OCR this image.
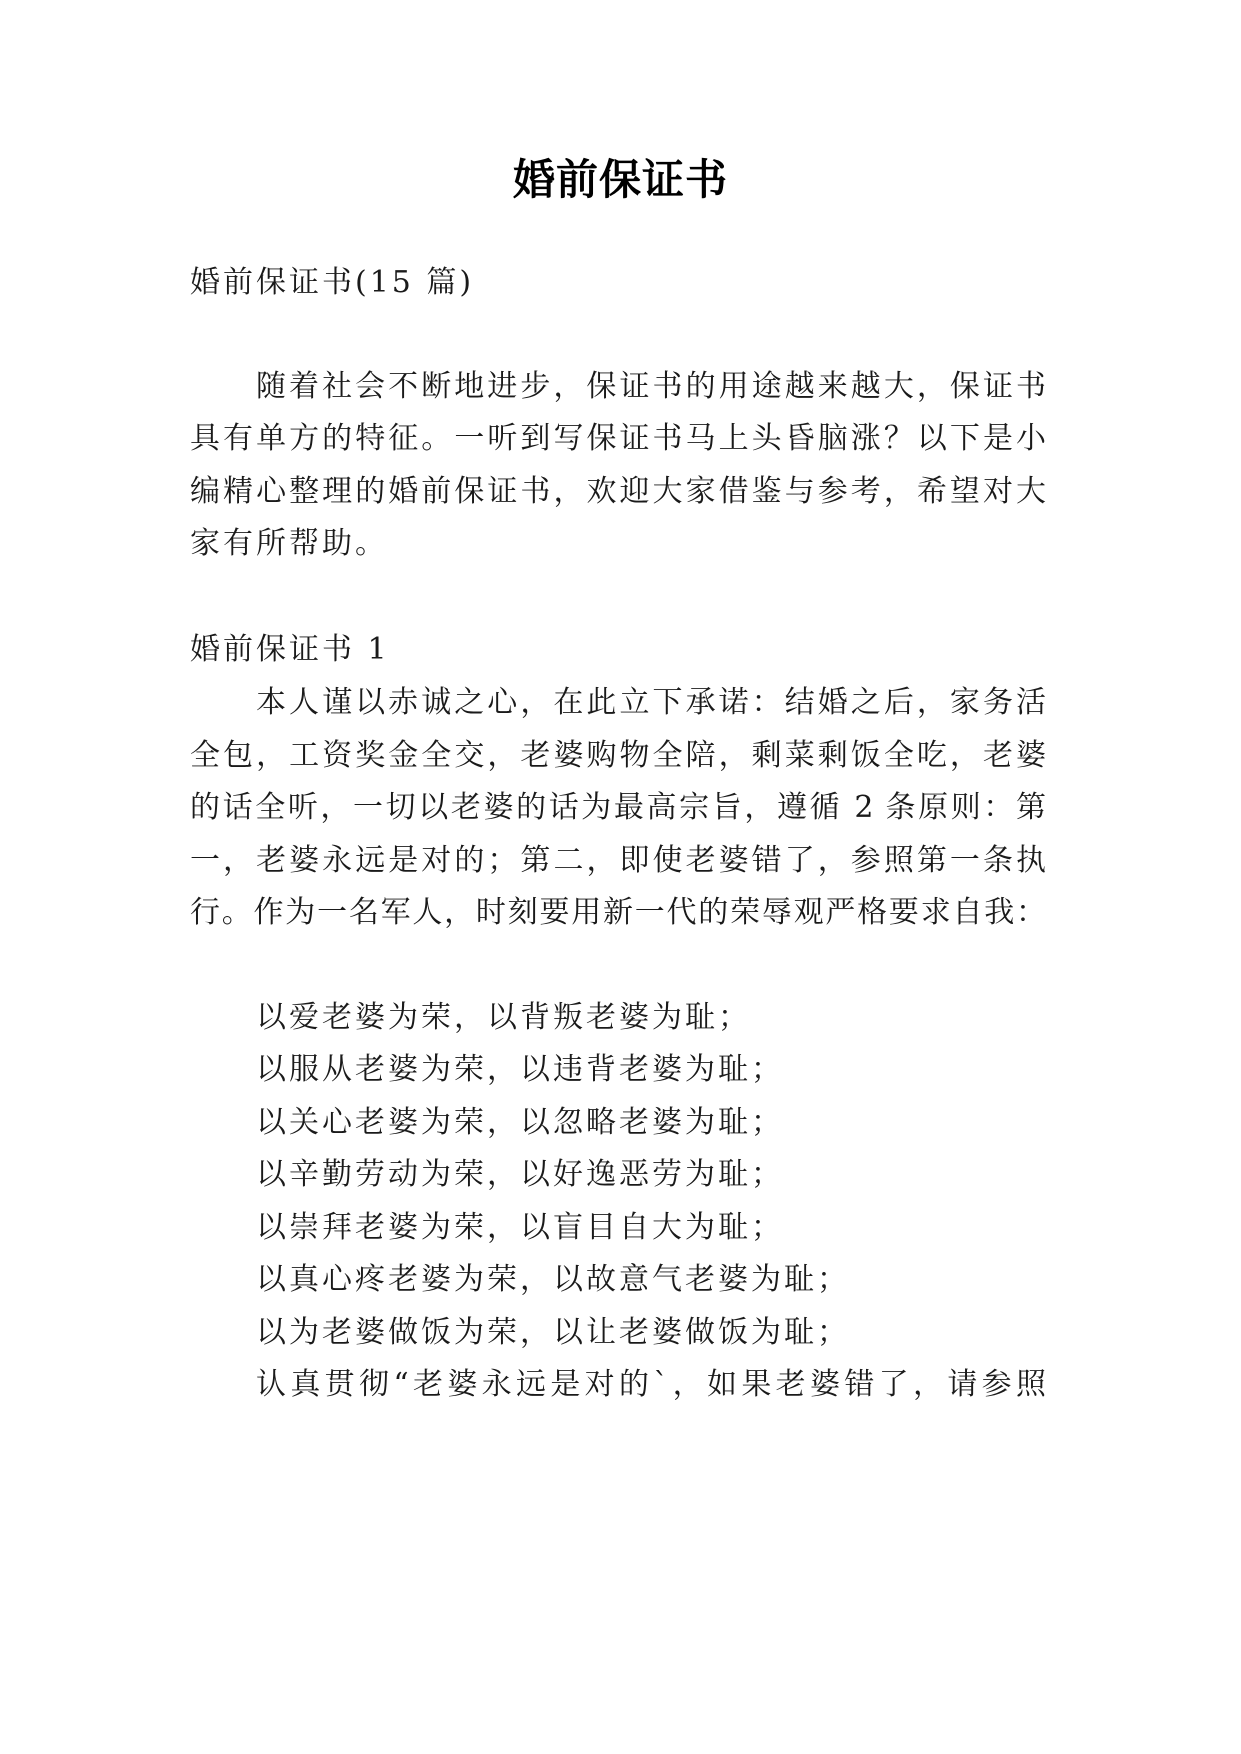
婚前保证书
婚前保证书(15 篇)
随着社会不断地进步，保证书的用途越来越大，保证书
具有单方的特征。一听到写保证书马上头昏脑涨？以下是小
编精心整理的婚前保证书，欢迎大家借鉴与参考，希望对大
家有所帮助。
婚前保证书 1
本人谨以赤诚之心，在此立下承诺：结婚之后，家务活
全包，工资奖金全交，老婆购物全陪，剩菜剩饭全吃，老婆
的话全听，一切以老婆的话为最高宗旨，遵循 2 条原则：第
一，老婆永远是对的；第二，即使老婆错了，参照第一条执
行。作为一名军人，时刻要用新一代的荣辱观严格要求自我：
以爱老婆为荣，以背叛老婆为耻；
以服从老婆为荣，以违背老婆为耻；
以关心老婆为荣，以忽略老婆为耻；
以辛勤劳动为荣，以好逸恶劳为耻；
以崇拜老婆为荣，以盲目自大为耻；
以真心疼老婆为荣，以故意气老婆为耻；
以为老婆做饭为荣，以让老婆做饭为耻；
认真贯彻“老婆永远是对的`，如果老婆错了，请参照
